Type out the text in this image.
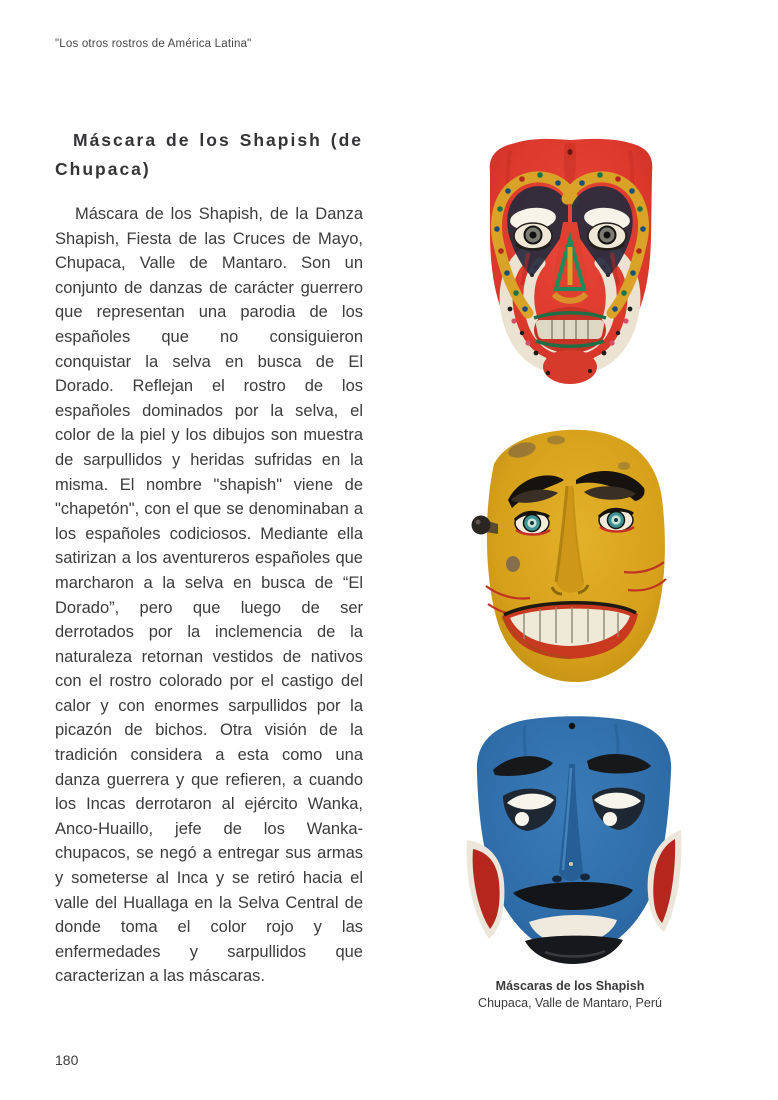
"Los otros rostros de América Latina"
Máscara de los Shapish (de Chupaca)
Máscara de los Shapish, de la Danza Shapish, Fiesta de las Cruces de Mayo, Chupaca, Valle de Mantaro. Son un conjunto de danzas de carácter guerrero que representan una parodia de los españoles que no consiguieron conquistar la selva en busca de El Dorado. Reflejan el rostro de los españoles dominados por la selva, el color de la piel y los dibujos son muestra de sarpullidos y heridas sufridas en la misma. El nombre "shapish" viene de "chapetón", con el que se denominaban a los españoles codiciosos. Mediante ella satirizan a los aventureros españoles que marcharon a la selva en busca de “El Dorado”, pero que luego de ser derrotados por la inclemencia de la naturaleza retornan vestidos de nativos con el rostro colorado por el castigo del calor y con enormes sarpullidos por la picazón de bichos. Otra visión de la tradición considera a esta como una danza guerrera y que refieren, a cuando los Incas derrotaron al ejército Wanka, Anco-Huaillo, jefe de los Wanka-chupacos, se negó a entregar sus armas y someterse al Inca y se retiró hacia el valle del Huallaga en la Selva Central de donde toma el color rojo y las enfermedades y sarpullidos que caracterizan a las máscaras.
Máscaras de los Shapish
Chupaca, Valle de Mantaro, Perú
180
